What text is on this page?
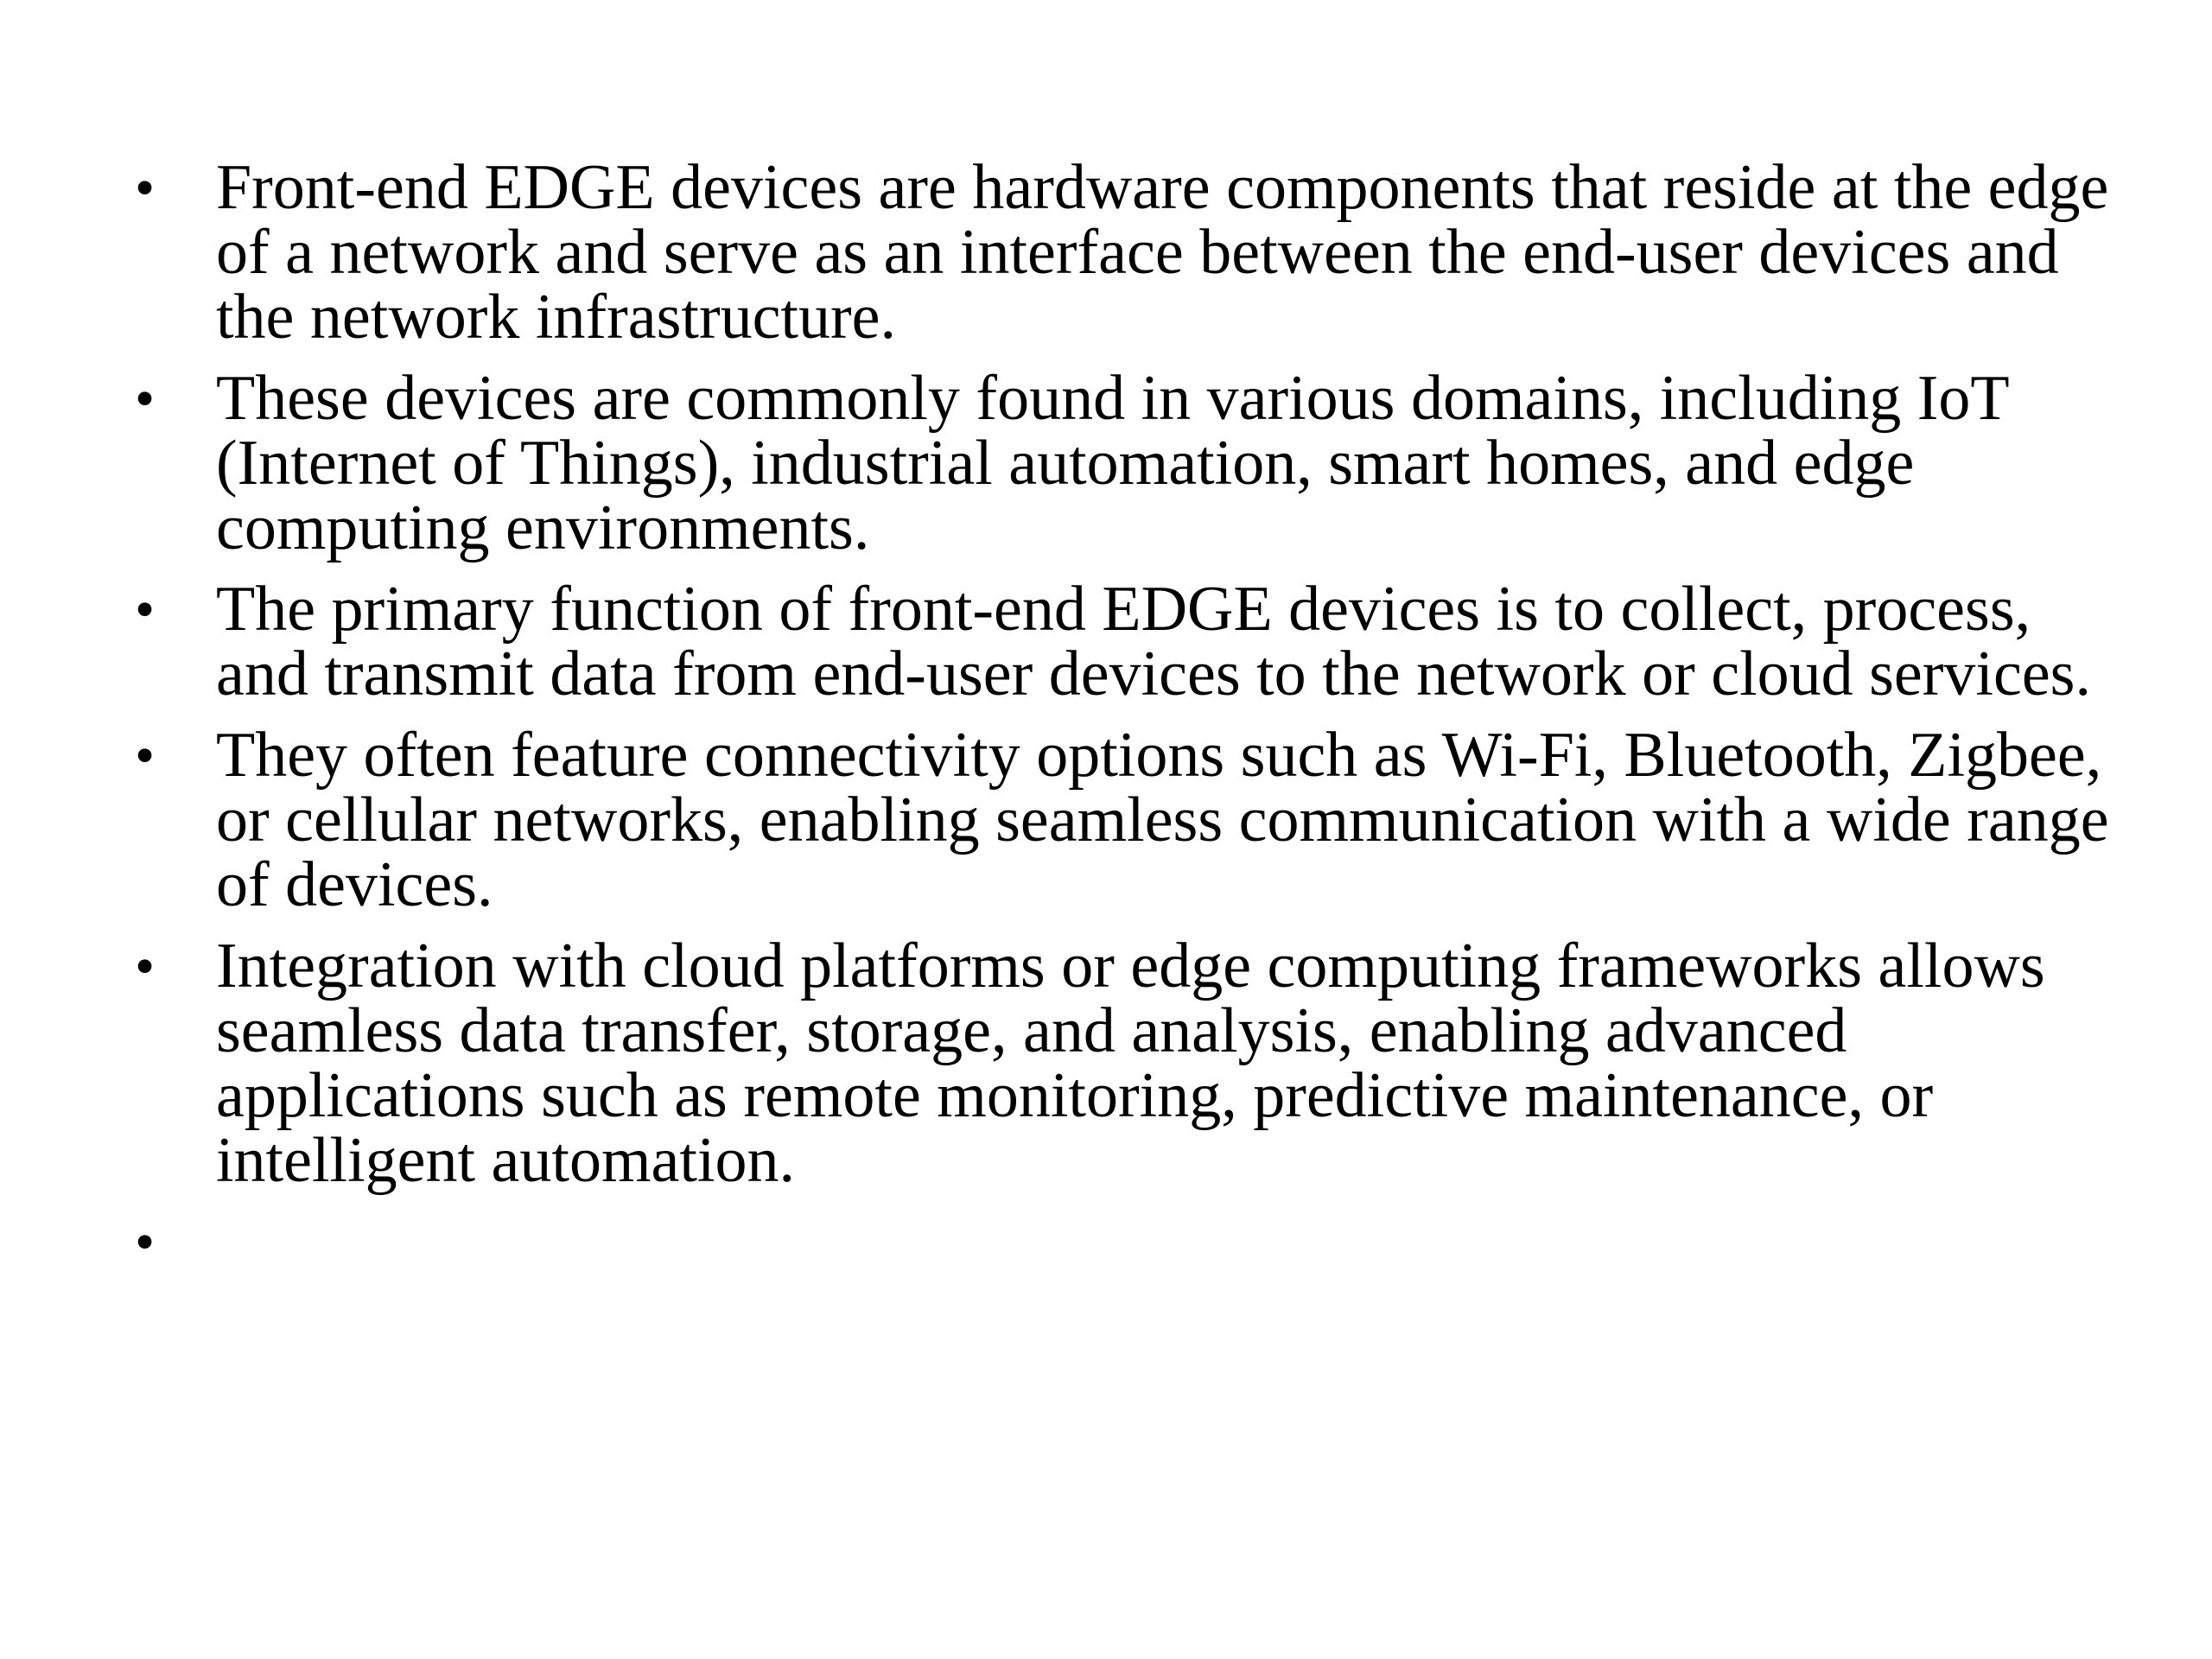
• Front-end EDGE devices are hardware components that reside at the edge of a network and serve as an interface between the end-user devices and the network infrastructure.
• These devices are commonly found in various domains, including IoT (Internet of Things), industrial automation, smart homes, and edge computing environments.
• The primary function of front-end EDGE devices is to collect, process, and transmit data from end-user devices to the network or cloud services.
• They often feature connectivity options such as Wi-Fi, Bluetooth, Zigbee, or cellular networks, enabling seamless communication with a wide range of devices.
• Integration with cloud platforms or edge computing frameworks allows seamless data transfer, storage, and analysis, enabling advanced applications such as remote monitoring, predictive maintenance, or intelligent automation.
•
